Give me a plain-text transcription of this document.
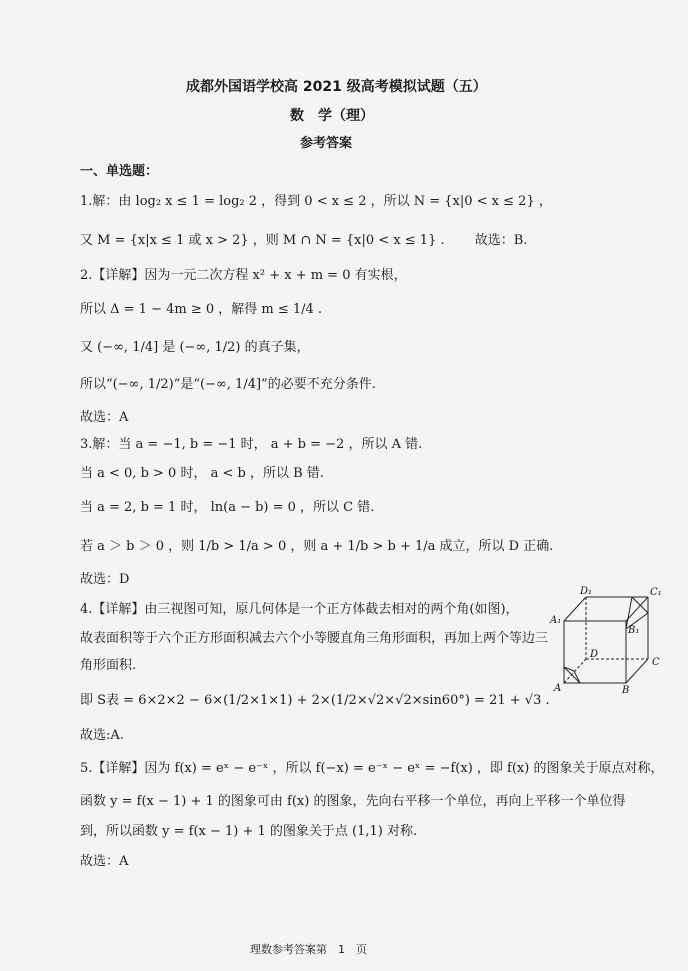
成都外国语学校高 2021 级高考模拟试题（五）
数　学（理）
参考答案
一、单选题：
1.解：由 log₂ x ≤ 1 = log₂ 2 ，得到 0 < x ≤ 2 ，所以 N = {x|0 < x ≤ 2} ，
又 M = {x|x ≤ 1 或 x > 2} ，则 M ∩ N = {x|0 < x ≤ 1} .　　 故选：B.
2.【详解】因为一元二次方程 x² + x + m = 0 有实根，
所以 Δ = 1 − 4m ≥ 0 ，解得 m ≤ 1/4 .
又 (−∞, 1/4] 是 (−∞, 1/2) 的真子集，
所以“(−∞, 1/2)”是“(−∞, 1/4]”的必要不充分条件.
故选：A
3.解：当 a = −1, b = −1 时， a + b = −2 ，所以 A 错.
当 a < 0, b > 0 时， a < b ，所以 B 错.
当 a = 2, b = 1 时， ln(a − b) = 0 ，所以 C 错.
若 a ＞ b ＞ 0 ，则 1/b > 1/a > 0 ，则 a + 1/b > b + 1/a 成立，所以 D 正确.
故选：D
4.【详解】由三视图可知，原几何体是一个正方体截去相对的两个角(如图)，
故表面积等于六个正方形面积减去六个小等腰直角三角形面积，再加上两个等边三
角形面积.
即 S表 = 6×2×2 − 6×(1/2×1×1) + 2×(1/2×√2×√2×sin60°) = 21 + √3 .
故选:A.
5.【详解】因为 f(x) = eˣ − e⁻ˣ ，所以 f(−x) = e⁻ˣ − eˣ = −f(x) ，即 f(x) 的图象关于原点对称，
函数 y = f(x − 1) + 1 的图象可由 f(x) 的图象，先向右平移一个单位，再向上平移一个单位得
到，所以函数 y = f(x − 1) + 1 的图象关于点 (1,1) 对称.
故选：A
D₁	C₁
A₁
B₁
D
C
A	B
理数参考答案第　1　页
